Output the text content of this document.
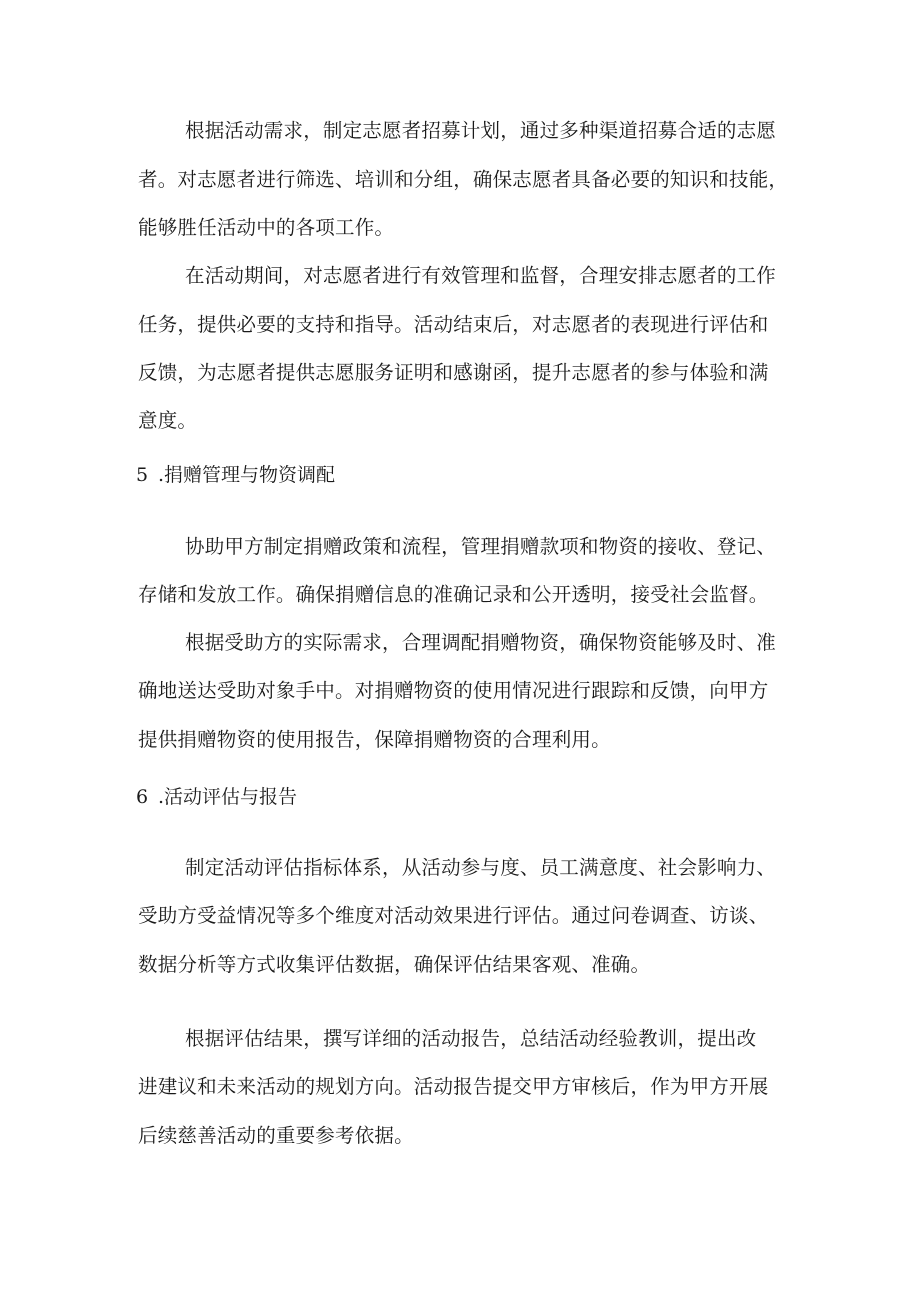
根据活动需求，制定志愿者招募计划，通过多种渠道招募合适的志愿
者。对志愿者进行筛选、培训和分组，确保志愿者具备必要的知识和技能，
能够胜任活动中的各项工作。
在活动期间，对志愿者进行有效管理和监督，合理安排志愿者的工作
任务，提供必要的支持和指导。活动结束后，对志愿者的表现进行评估和
反馈，为志愿者提供志愿服务证明和感谢函，提升志愿者的参与体验和满
意度。
5 .捐赠管理与物资调配
协助甲方制定捐赠政策和流程，管理捐赠款项和物资的接收、登记、
存储和发放工作。确保捐赠信息的准确记录和公开透明，接受社会监督。
根据受助方的实际需求，合理调配捐赠物资，确保物资能够及时、准
确地送达受助对象手中。对捐赠物资的使用情况进行跟踪和反馈，向甲方
提供捐赠物资的使用报告，保障捐赠物资的合理利用。
6 .活动评估与报告
制定活动评估指标体系，从活动参与度、员工满意度、社会影响力、
受助方受益情况等多个维度对活动效果进行评估。通过问卷调查、访谈、
数据分析等方式收集评估数据，确保评估结果客观、准确。
根据评估结果，撰写详细的活动报告，总结活动经验教训，提出改
进建议和未来活动的规划方向。活动报告提交甲方审核后，作为甲方开展
后续慈善活动的重要参考依据。
